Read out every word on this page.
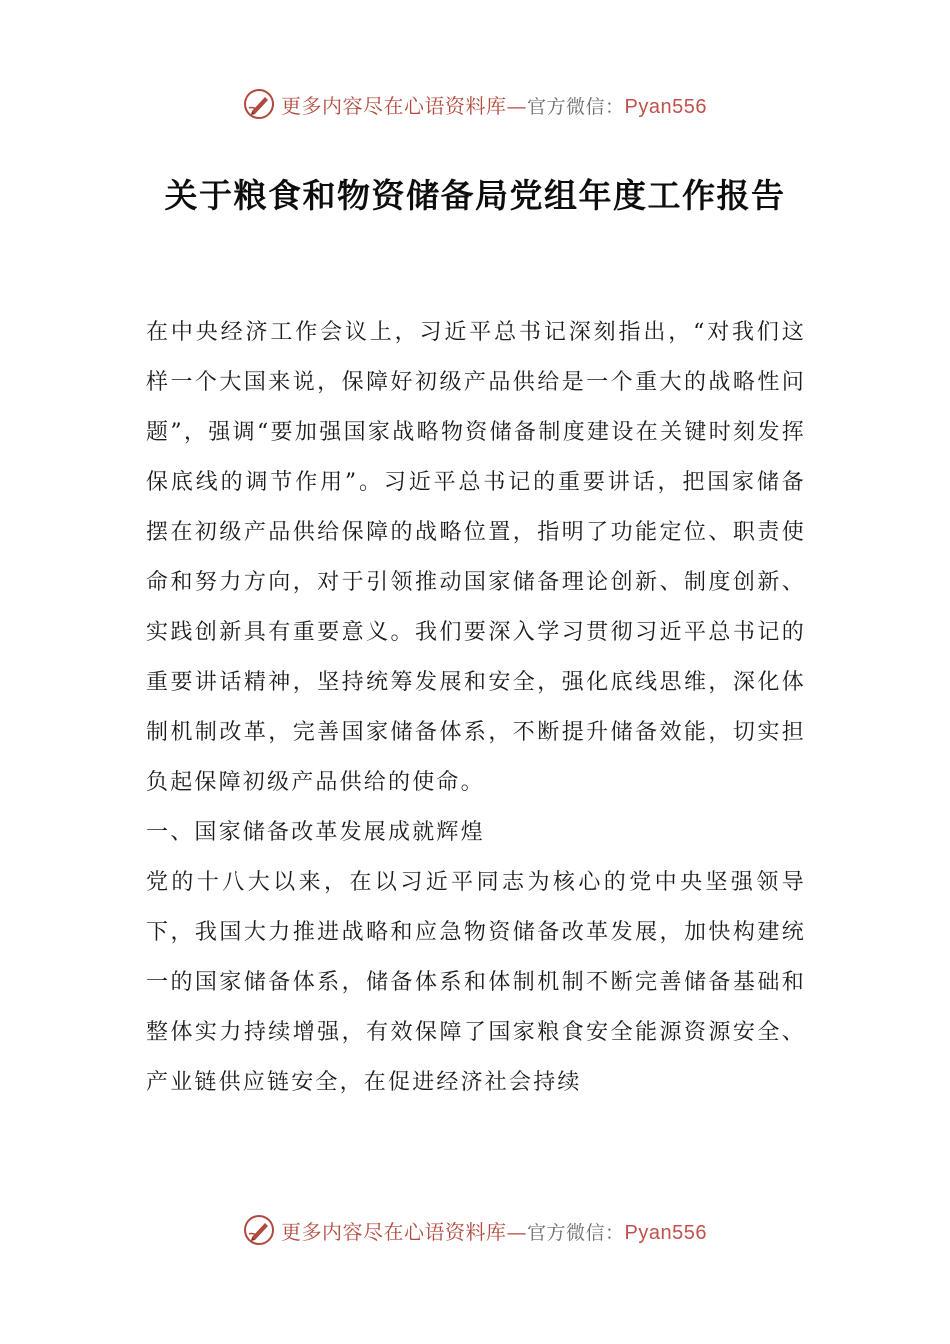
更多内容尽在心语资料库—官方微信：Pyan556
关于粮食和物资储备局党组年度工作报告

在中央经济工作会议上，习近平总书记深刻指出，“对我们这样一个大国来说，保障好初级产品供给是一个重大的战略性问题”，强调“要加强国家战略物资储备制度建设在关键时刻发挥保底线的调节作用”。习近平总书记的重要讲话，把国家储备摆在初级产品供给保障的战略位置，指明了功能定位、职责使命和努力方向，对于引领推动国家储备理论创新、制度创新、实践创新具有重要意义。我们要深入学习贯彻习近平总书记的重要讲话精神，坚持统筹发展和安全，强化底线思维，深化体制机制改革，完善国家储备体系，不断提升储备效能，切实担负起保障初级产品供给的使命。

一、国家储备改革发展成就辉煌

党的十八大以来，在以习近平同志为核心的党中央坚强领导下，我国大力推进战略和应急物资储备改革发展，加快构建统一的国家储备体系，储备体系和体制机制不断完善储备基础和整体实力持续增强，有效保障了国家粮食安全能源资源安全、产业链供应链安全，在促进经济社会持续

更多内容尽在心语资料库—官方微信：Pyan556
